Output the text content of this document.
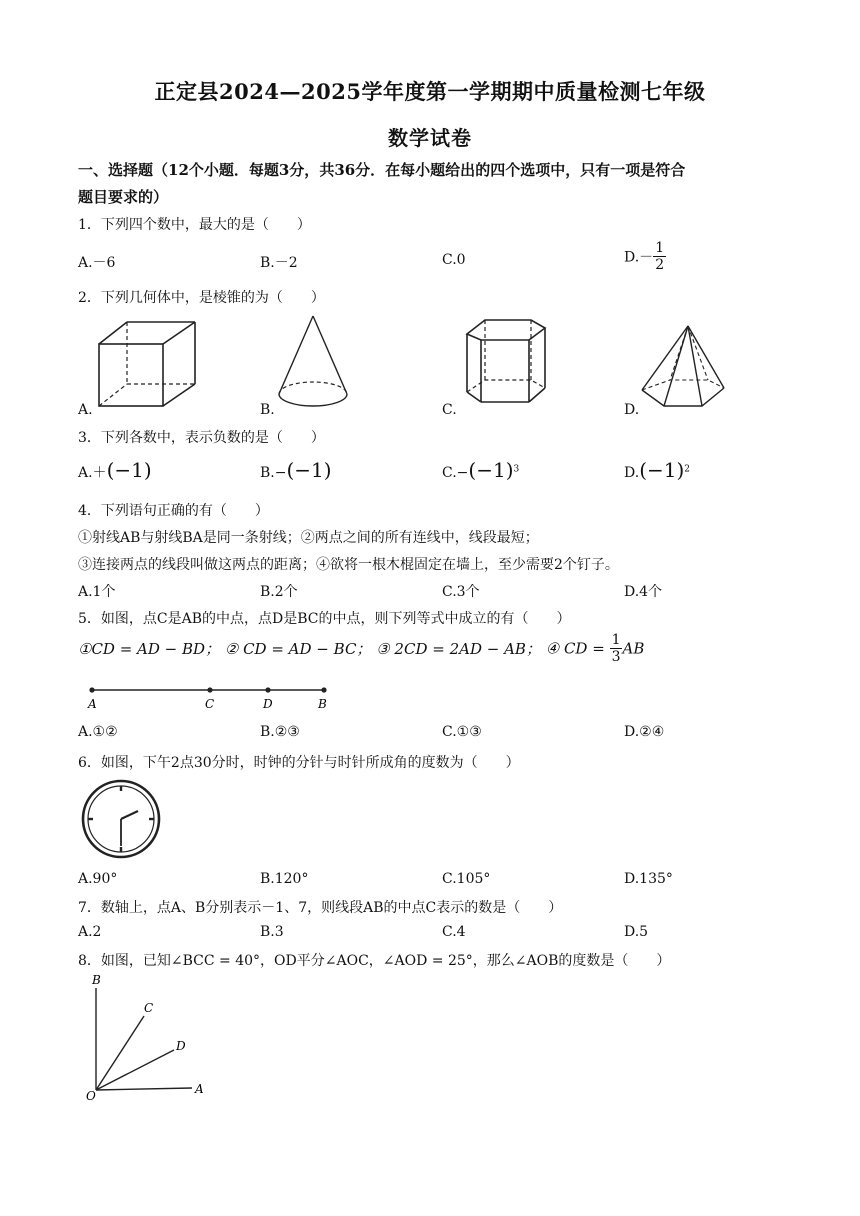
正定县2024—2025学年度第一学期期中质量检测七年级
数学试卷
一、选择题（12个小题．每题3分，共36分．在每小题给出的四个选项中，只有一项是符合
题目要求的）
1．下列四个数中，最大的是（　　）
A.－6	B.－2	C.0	$D.- \frac{1}{2}$
2．下列几何体中，是棱锥的为（　　）
A.	B.	C.	D.
3．下列各数中，表示负数的是（　　）
A.＋(−1)	B.−(−1)	$C.-(-1)^3$	$D.(-1)^2$
4．下列语句正确的有（　　）
①射线AB与射线BA是同一条射线；②两点之间的所有连线中，线段最短；
③连接两点的线段叫做这两点的距离；④欲将一根木棍固定在墙上，至少需要2个钉子。
A.1个	B.2个	C.3个	D.4个
5．如图，点C是AB的中点，点D是BC的中点，则下列等式中成立的有（　　）
①CD = AD − BD； ② CD = AD − BC； ③ 2CD = 2AD − AB； ④ CD = $\frac{1}{3}$ AB
A	C	D	B
A.①②	B.②③	C.①③	D.②④
6．如图，下午2点30分时，时钟的分针与时针所成角的度数为（　　）
A.90°	B.120°	C.105°	D.135°
7．数轴上，点A、B分别表示－1、7，则线段AB的中点C表示的数是（　　）
A.2	B.3	C.4	D.5
8．如图，已知∠BCC = 40°，OD平分∠AOC，∠AOD = 25°，那么∠AOB的度数是（　　）
B
C
D
O	A
